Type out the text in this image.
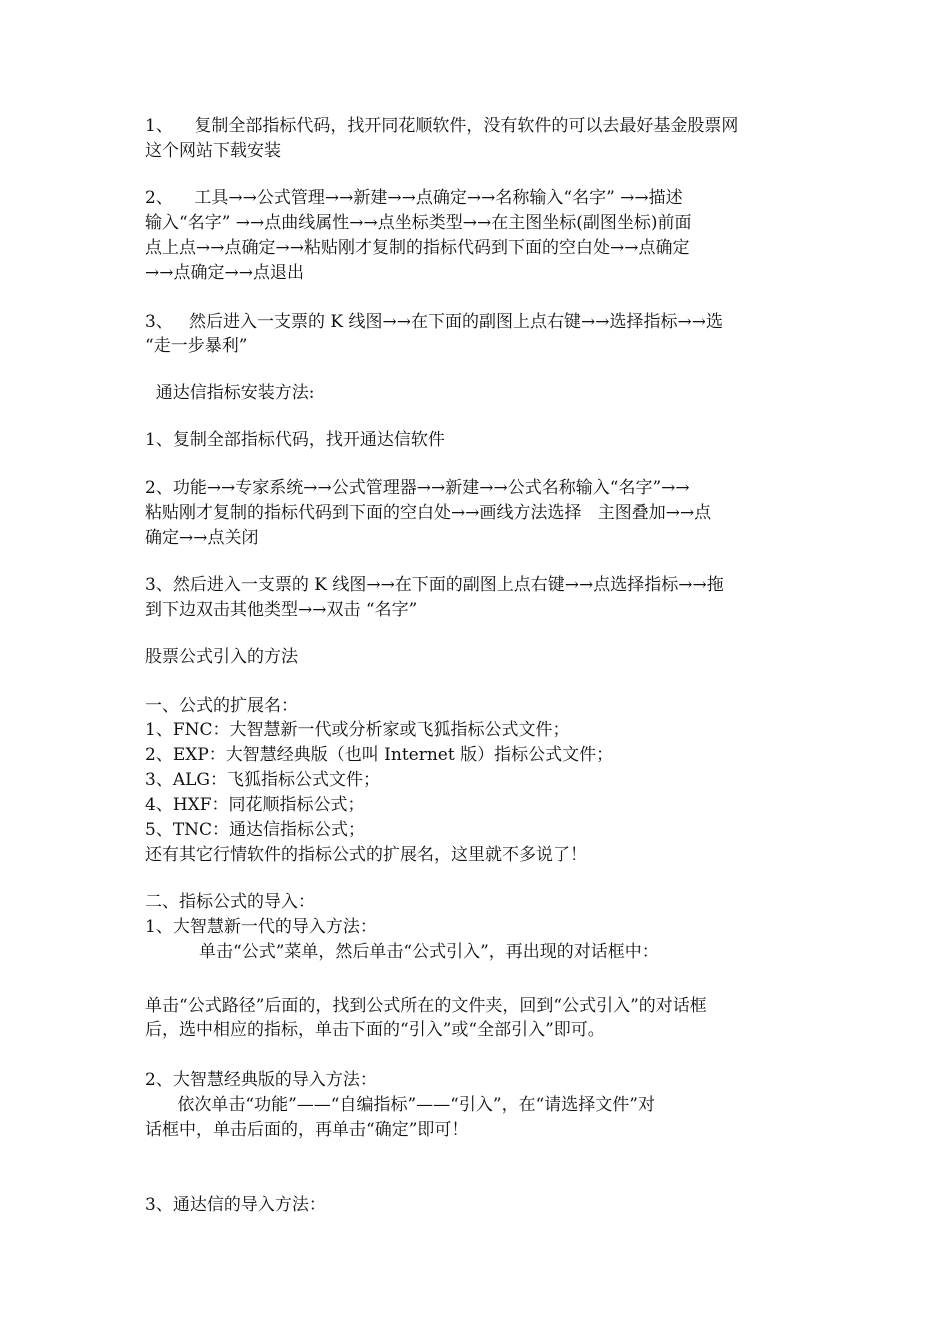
1、    复制全部指标代码，找开同花顺软件，没有软件的可以去最好基金股票网
这个网站下载安装
2、    工具→→公式管理→→新建→→点确定→→名称输入“名字” →→描述
输入“名字” →→点曲线属性→→点坐标类型→→在主图坐标(副图坐标)前面
点上点→→点确定→→粘贴刚才复制的指标代码到下面的空白处→→点确定
→→点确定→→点退出
3、   然后进入一支票的 K 线图→→在下面的副图上点右键→→选择指标→→选
“走一步暴利”
通达信指标安装方法:
1、复制全部指标代码，找开通达信软件
2、功能→→专家系统→→公式管理器→→新建→→公式名称输入“名字”→→
粘贴刚才复制的指标代码到下面的空白处→→画线方法选择   主图叠加→→点
确定→→点关闭
3、然后进入一支票的 K 线图→→在下面的副图上点右键→→点选择指标→→拖
到下边双击其他类型→→双击 “名字”
股票公式引入的方法
一、公式的扩展名：
1、FNC：大智慧新一代或分析家或飞狐指标公式文件；
2、EXP：大智慧经典版（也叫 Internet 版）指标公式文件；
3、ALG：飞狐指标公式文件；
4、HXF：同花顺指标公式；
5、TNC：通达信指标公式；
还有其它行情软件的指标公式的扩展名，这里就不多说了！
二、指标公式的导入：
1、大智慧新一代的导入方法：
单击“公式”菜单，然后单击“公式引入”，再出现的对话框中：
单击“公式路径”后面的，找到公式所在的文件夹，回到“公式引入”的对话框
后，选中相应的指标，单击下面的“引入”或“全部引入”即可。
2、大智慧经典版的导入方法：
依次单击“功能”——“自编指标”——“引入”，在“请选择文件”对
话框中，单击后面的，再单击“确定”即可！
3、通达信的导入方法：
